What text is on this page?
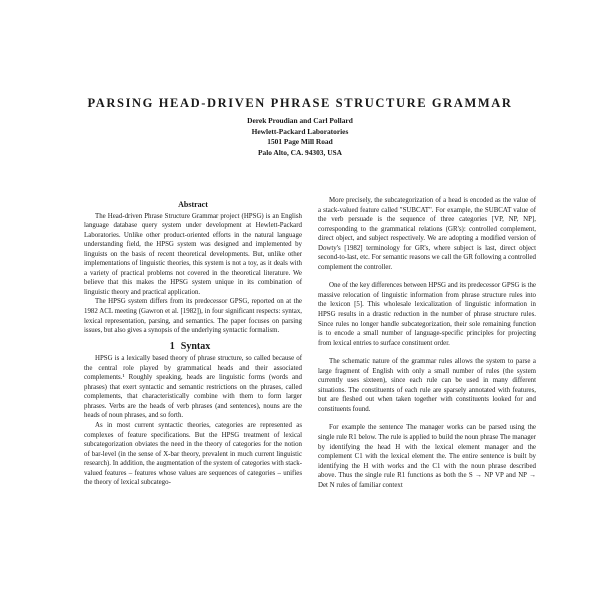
PARSING HEAD-DRIVEN PHRASE STRUCTURE GRAMMAR
Derek Proudian and Carl Pollard
Hewlett-Packard Laboratories
1501 Page Mill Road
Palo Alto, CA. 94303, USA
Abstract

The Head-driven Phrase Structure Grammar project (HPSG) is an English language database query system under development at Hewlett-Packard Laboratories. Unlike other product-oriented efforts in the natural language understanding field, the HPSG system was designed and implemented by linguists on the basis of recent theoretical developments. But, unlike other implementations of linguistic theories, this system is not a toy, as it deals with a variety of practical problems not covered in the theoretical literature. We believe that this makes the HPSG system unique in its combination of linguistic theory and practical application.

The HPSG system differs from its predecessor GPSG, reported on at the 1982 ACL meeting (Gawron et al. [1982]), in four significant respects: syntax, lexical representation, parsing, and semantics. The paper focuses on parsing issues, but also gives a synopsis of the underlying syntactic formalism.

1 Syntax

HPSG is a lexically based theory of phrase structure, so called because of the central role played by grammatical heads and their associated complements.¹ Roughly speaking, heads are linguistic forms (words and phrases) that exert syntactic and semantic restrictions on the phrases, called complements, that characteristically combine with them to form larger phrases. Verbs are the heads of verb phrases (and sentences), nouns are the heads of noun phrases, and so forth.

As in most current syntactic theories, categories are represented as complexes of feature specifications. But the HPSG treatment of lexical subcategorization obviates the need in the theory of categories for the notion of bar-level (in the sense of X-bar theory, prevalent in much current linguistic research). In addition, the augmentation of the system of categories with stack-valued features – features whose values are sequences of categories – unifies the theory of lexical subcatego-

More precisely, the subcategorization of a head is encoded as the value of a stack-valued feature called "SUBCAT". For example, the SUBCAT value of the verb persuade is the sequence of three categories [VP, NP, NP], corresponding to the grammatical relations (GR's): controlled complement, direct object, and subject respectively. We are adopting a modified version of Dowty's [1982] terminology for GR's, where subject is last, direct object second-to-last, etc. For semantic reasons we call the GR following a controlled complement the controller.

One of the key differences between HPSG and its predecessor GPSG is the massive relocation of linguistic information from phrase structure rules into the lexicon [5]. This wholesale lexicalization of linguistic information in HPSG results in a drastic reduction in the number of phrase structure rules. Since rules no longer handle subcategorization, their sole remaining function is to encode a small number of language-specific principles for projecting from lexical entries to surface constituent order.

The schematic nature of the grammar rules allows the system to parse a large fragment of English with only a small number of rules (the system currently uses sixteen), since each rule can be used in many different situations. The constituents of each rule are sparsely annotated with features, but are fleshed out when taken together with constituents looked for and constituents found.

For example the sentence The manager works can be parsed using the single rule R1 below. The rule is applied to build the noun phrase The manager by identifying the head H with the lexical element manager and the complement C1 with the lexical element the. The entire sentence is built by identifying the H with works and the C1 with the noun phrase described above. Thus the single rule R1 functions as both the S → NP VP and NP → Det N rules of familiar context
